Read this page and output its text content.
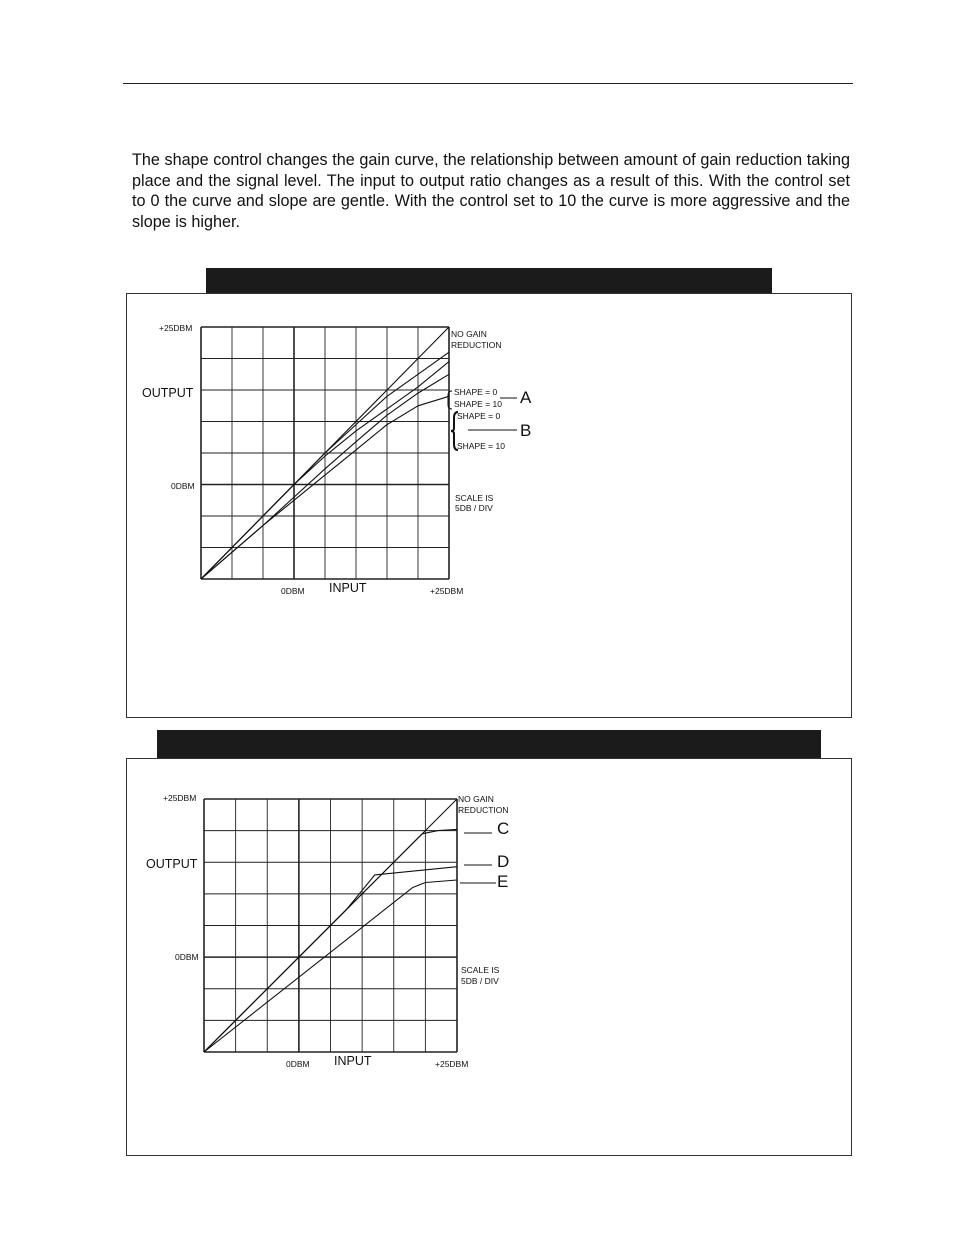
The shape control changes the gain curve, the relationship between amount of gain reduction taking place and the signal level. The input to output ratio changes as a result of this. With the control set to 0 the curve and slope are gentle. With the control set to 10 the curve is more aggressive and the slope is higher.

+25DBM
OUTPUT
0DBM
0DBM INPUT	+25DBM
NO GAIN
REDUCTION
SHAPE = 0
SHAPE = 10
SHAPE = 0
SHAPE = 10
A
B
SCALE IS
5DB / DIV
+25DBM
OUTPUT
0DBM
0DBM INPUT	+25DBM
NO GAIN
REDUCTION
C
D
E
SCALE IS
5DB / DIV
